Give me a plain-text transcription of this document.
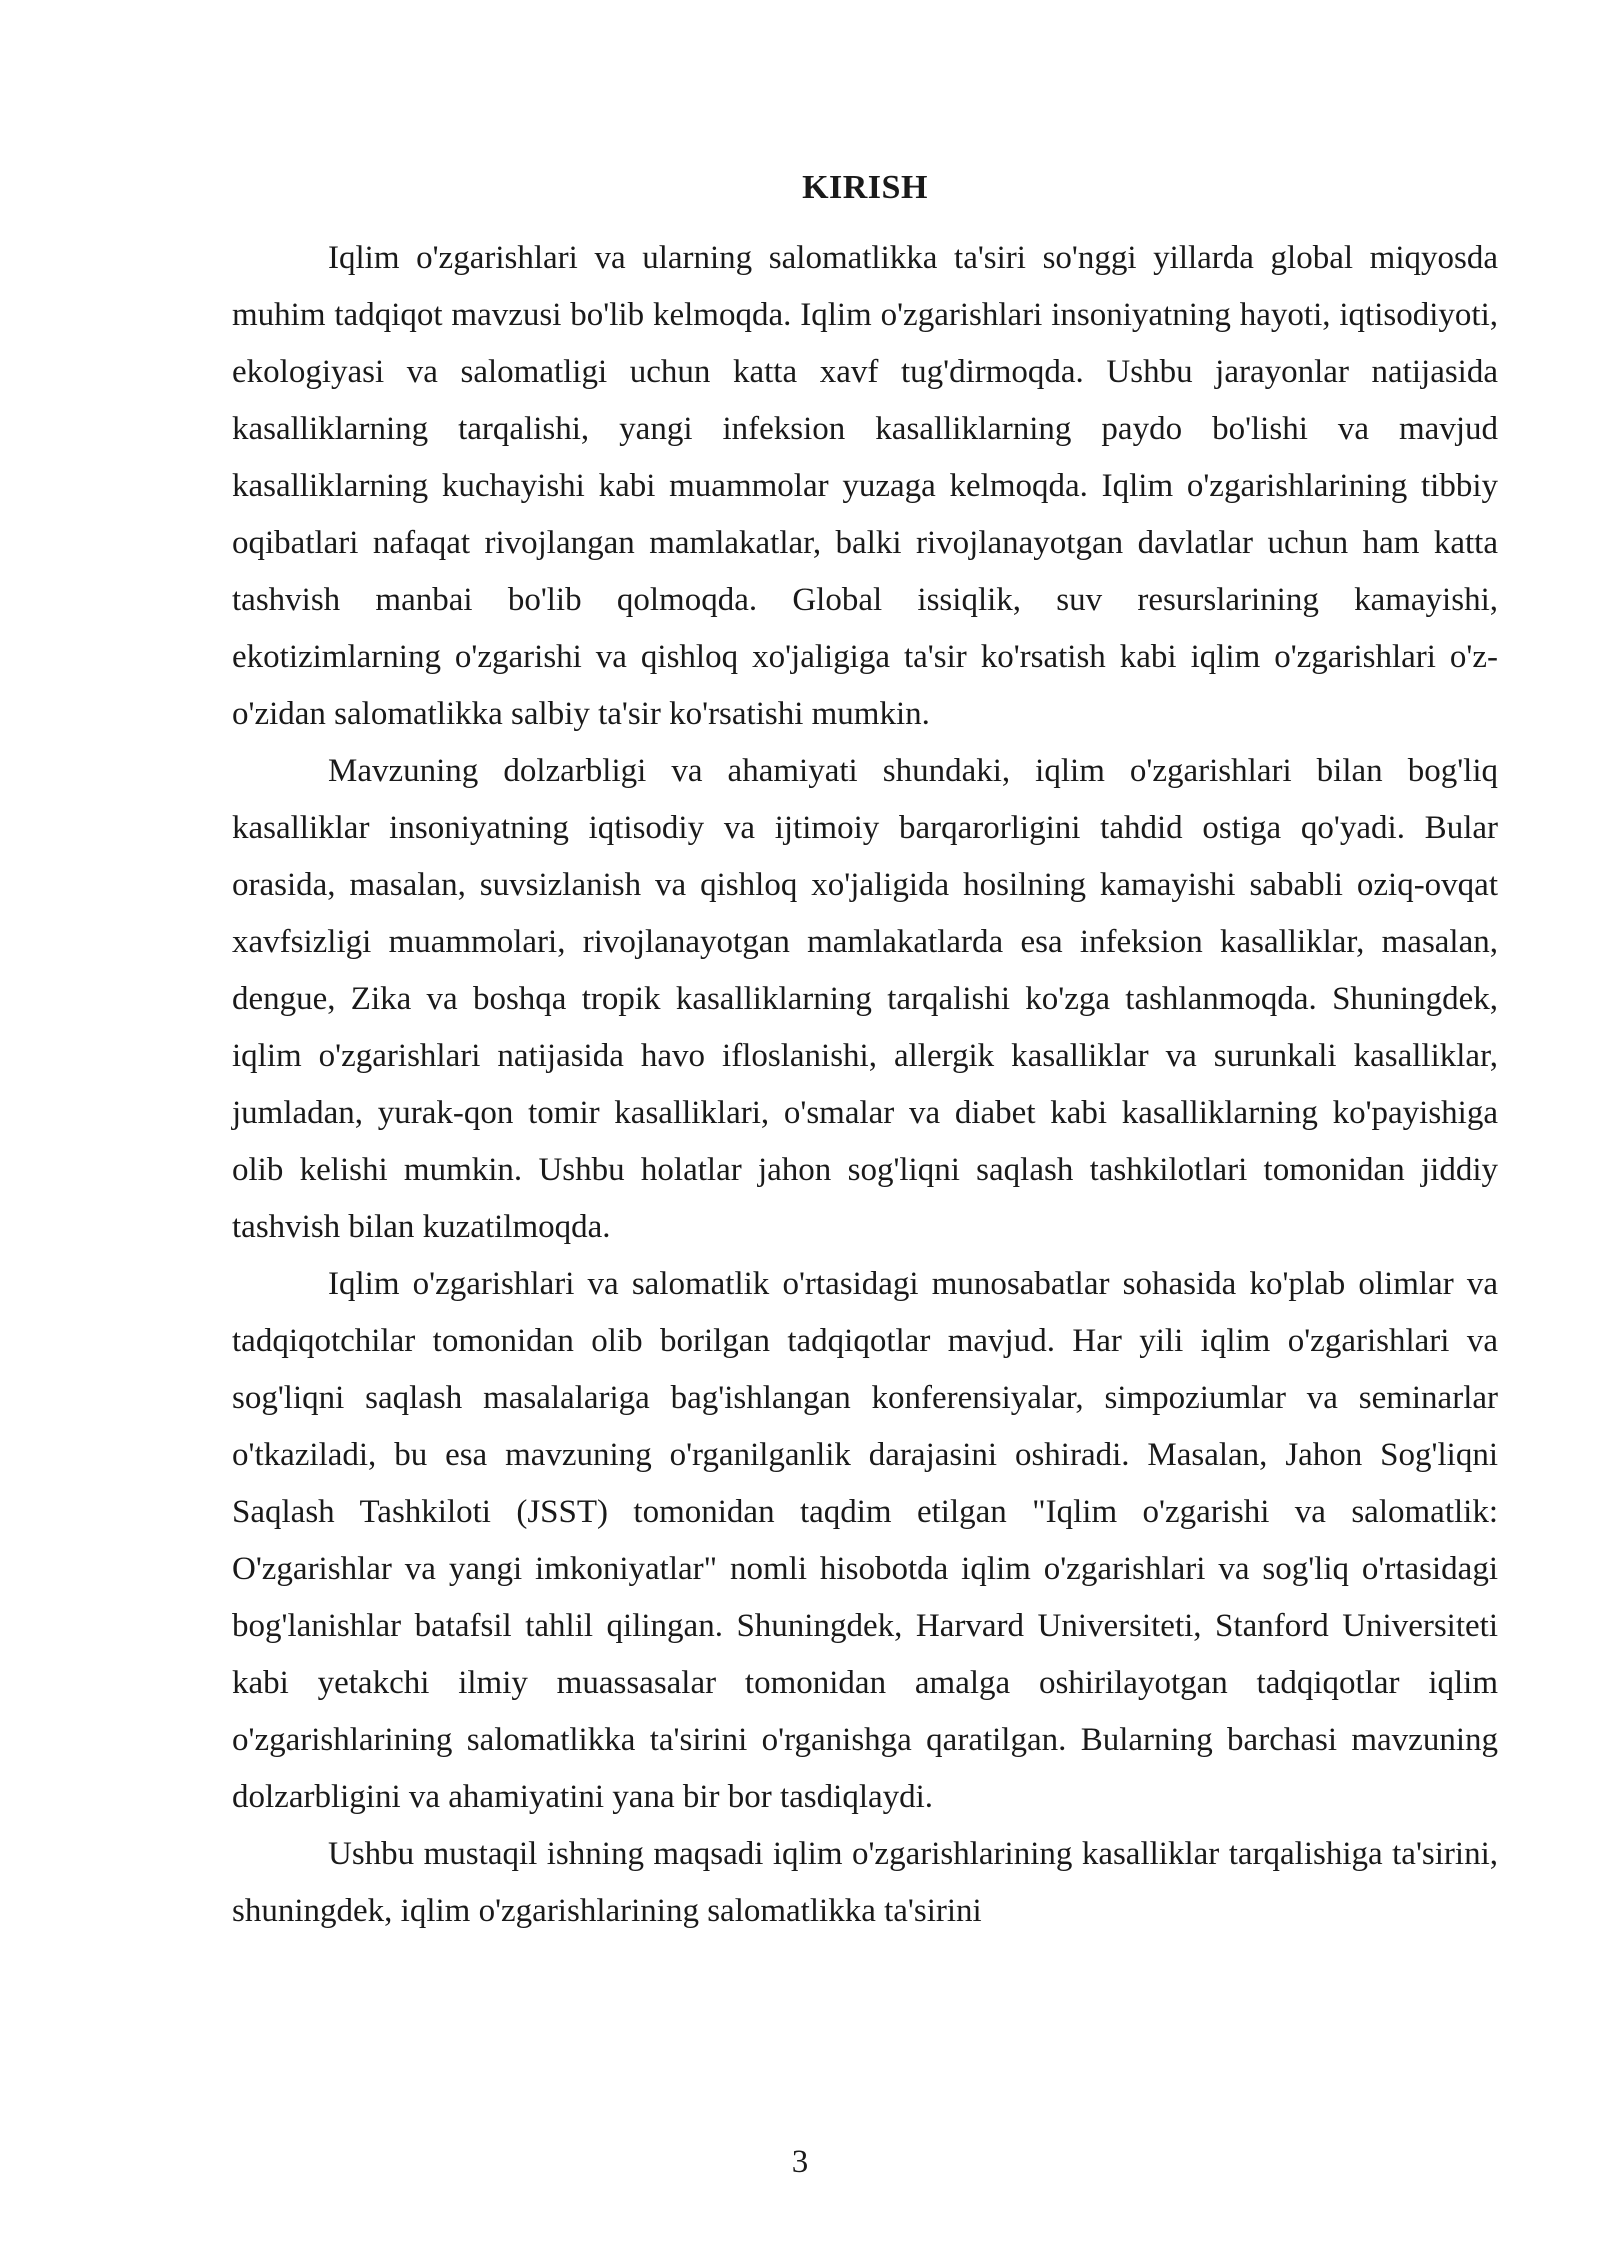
KIRISH

Iqlim o'zgarishlari va ularning salomatlikka ta'siri so'nggi yillarda global miqyosda muhim tadqiqot mavzusi bo'lib kelmoqda. Iqlim o'zgarishlari insoniyatning hayoti, iqtisodiyoti, ekologiyasi va salomatligi uchun katta xavf tug'dirmoqda. Ushbu jarayonlar natijasida kasalliklarning tarqalishi, yangi infeksion kasalliklarning paydo bo'lishi va mavjud kasalliklarning kuchayishi kabi muammolar yuzaga kelmoqda. Iqlim o'zgarishlarining tibbiy oqibatlari nafaqat rivojlangan mamlakatlar, balki rivojlanayotgan davlatlar uchun ham katta tashvish manbai bo'lib qolmoqda. Global issiqlik, suv resurslarining kamayishi, ekotizimlarning o'zgarishi va qishloq xo'jaligiga ta'sir ko'rsatish kabi iqlim o'zgarishlari o'z-o'zidan salomatlikka salbiy ta'sir ko'rsatishi mumkin.

Mavzuning dolzarbligi va ahamiyati shundaki, iqlim o'zgarishlari bilan bog'liq kasalliklar insoniyatning iqtisodiy va ijtimoiy barqarorligini tahdid ostiga qo'yadi. Bular orasida, masalan, suvsizlanish va qishloq xo'jaligida hosilning kamayishi sababli oziq-ovqat xavfsizligi muammolari, rivojlanayotgan mamlakatlarda esa infeksion kasalliklar, masalan, dengue, Zika va boshqa tropik kasalliklarning tarqalishi ko'zga tashlanmoqda. Shuningdek, iqlim o'zgarishlari natijasida havo ifloslanishi, allergik kasalliklar va surunkali kasalliklar, jumladan, yurak-qon tomir kasalliklari, o'smalar va diabet kabi kasalliklarning ko'payishiga olib kelishi mumkin. Ushbu holatlar jahon sog'liqni saqlash tashkilotlari tomonidan jiddiy tashvish bilan kuzatilmoqda.

Iqlim o'zgarishlari va salomatlik o'rtasidagi munosabatlar sohasida ko'plab olimlar va tadqiqotchilar tomonidan olib borilgan tadqiqotlar mavjud. Har yili iqlim o'zgarishlari va sog'liqni saqlash masalalariga bag'ishlangan konferensiyalar, simpoziumlar va seminarlar o'tkaziladi, bu esa mavzuning o'rganilganlik darajasini oshiradi. Masalan, Jahon Sog'liqni Saqlash Tashkiloti (JSST) tomonidan taqdim etilgan "Iqlim o'zgarishi va salomatlik: O'zgarishlar va yangi imkoniyatlar" nomli hisobotda iqlim o'zgarishlari va sog'liq o'rtasidagi bog'lanishlar batafsil tahlil qilingan. Shuningdek, Harvard Universiteti, Stanford Universiteti kabi yetakchi ilmiy muassasalar tomonidan amalga oshirilayotgan tadqiqotlar iqlim o'zgarishlarining salomatlikka ta'sirini o'rganishga qaratilgan. Bularning barchasi mavzuning dolzarbligini va ahamiyatini yana bir bor tasdiqlaydi.

Ushbu mustaqil ishning maqsadi iqlim o'zgarishlarining kasalliklar tarqalishiga ta'sirini, shuningdek, iqlim o'zgarishlarining salomatlikka ta'sirini

3
